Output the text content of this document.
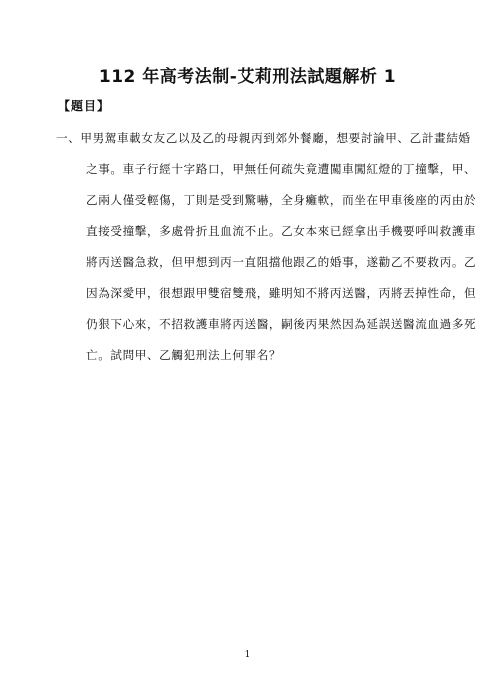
112 年高考法制-艾莉刑法試題解析 1
【題目】
一、甲男駕車載女友乙以及乙的母親丙到郊外餐廳，想要討論甲、乙計畫結婚
之事。車子行經十字路口，甲無任何疏失竟遭闖車闖紅燈的丁撞擊，甲、
乙兩人僅受輕傷，丁則是受到驚嚇，全身癱軟，而坐在甲車後座的丙由於
直接受撞擊，多處骨折且血流不止。乙女本來已經拿出手機要呼叫救護車
將丙送醫急救，但甲想到丙一直阻擋他跟乙的婚事，遂勸乙不要救丙。乙
因為深愛甲，很想跟甲雙宿雙飛，雖明知不將丙送醫，丙將丟掉性命，但
仍狠下心來，不招救護車將丙送醫，嗣後丙果然因為延誤送醫流血過多死
亡。試問甲、乙觸犯刑法上何罪名？
1
